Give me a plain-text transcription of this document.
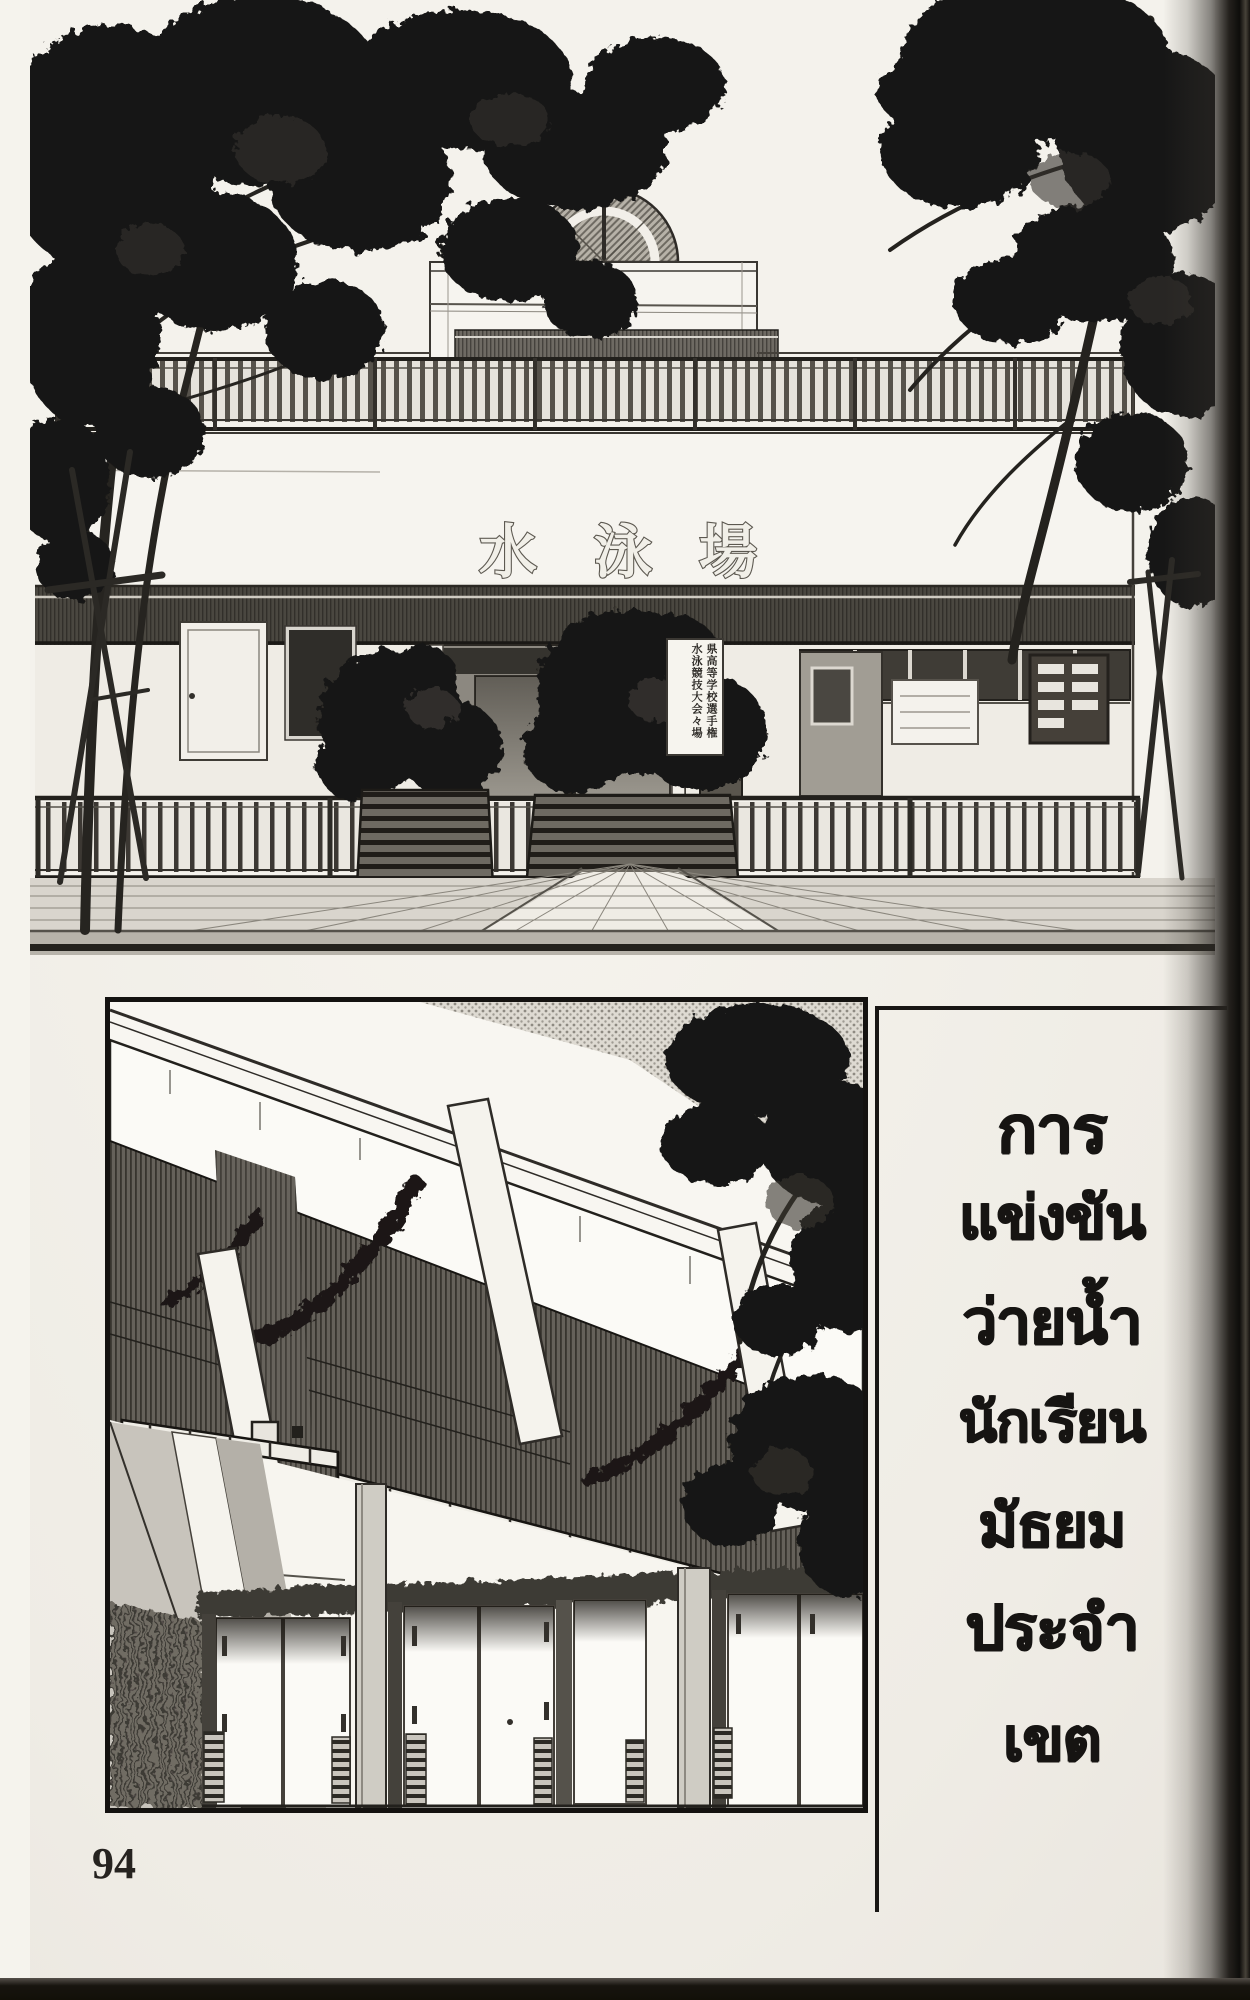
水 泳 場
県高等学校選手権
水泳競技大会々場
การ
แข่งขัน
ว่ายน้ำ
นักเรียน
มัธยม
ประจำ
เขต
94
